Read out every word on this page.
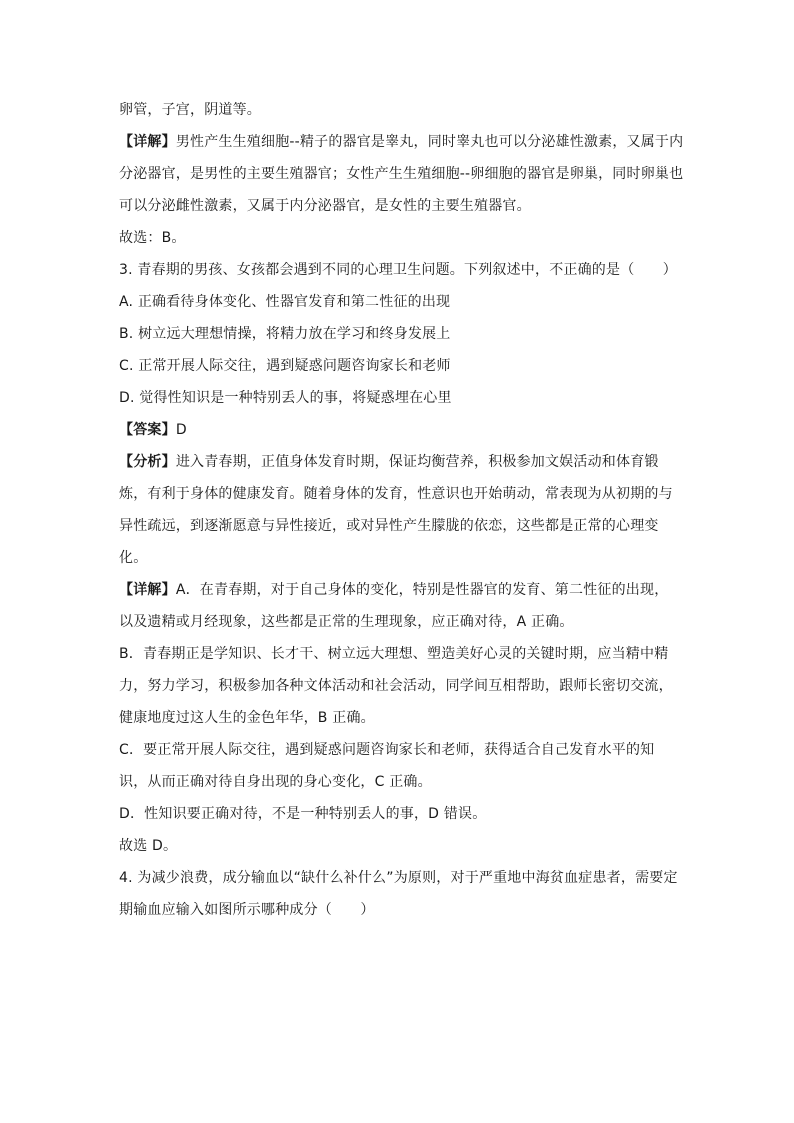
卵管，子宫，阴道等。
【详解】男性产生生殖细胞--精子的器官是睾丸，同时睾丸也可以分泌雄性激素，又属于内
分泌器官，是男性的主要生殖器官；女性产生生殖细胞--卵细胞的器官是卵巢，同时卵巢也
可以分泌雌性激素，又属于内分泌器官，是女性的主要生殖器官。
故选：B。
3. 青春期的男孩、女孩都会遇到不同的心理卫生问题。下列叙述中，不正确的是（　　）
A. 正确看待身体变化、性器官发育和第二性征的出现
B. 树立远大理想情操，将精力放在学习和终身发展上
C. 正常开展人际交往，遇到疑惑问题咨询家长和老师
D. 觉得性知识是一种特别丢人的事，将疑惑埋在心里
【答案】D
【分析】进入青春期，正值身体发育时期，保证均衡营养，积极参加文娱活动和体育锻
炼，有利于身体的健康发育。随着身体的发育，性意识也开始萌动，常表现为从初期的与
异性疏远，到逐渐愿意与异性接近，或对异性产生朦胧的依恋，这些都是正常的心理变
化。
【详解】A．在青春期，对于自己身体的变化，特别是性器官的发育、第二性征的出现，
以及遗精或月经现象，这些都是正常的生理现象，应正确对待，A 正确。
B．青春期正是学知识、长才干、树立远大理想、塑造美好心灵的关键时期，应当精中精
力，努力学习，积极参加各种文体活动和社会活动，同学间互相帮助，跟师长密切交流，
健康地度过这人生的金色年华，B 正确。
C．要正常开展人际交往，遇到疑惑问题咨询家长和老师，获得适合自己发育水平的知
识，从而正确对待自身出现的身心变化，C 正确。
D．性知识要正确对待，不是一种特别丢人的事，D 错误。
故选 D。
4. 为减少浪费，成分输血以“缺什么补什么”为原则，对于严重地中海贫血症患者，需要定
期输血应输入如图所示哪种成分（　　）
